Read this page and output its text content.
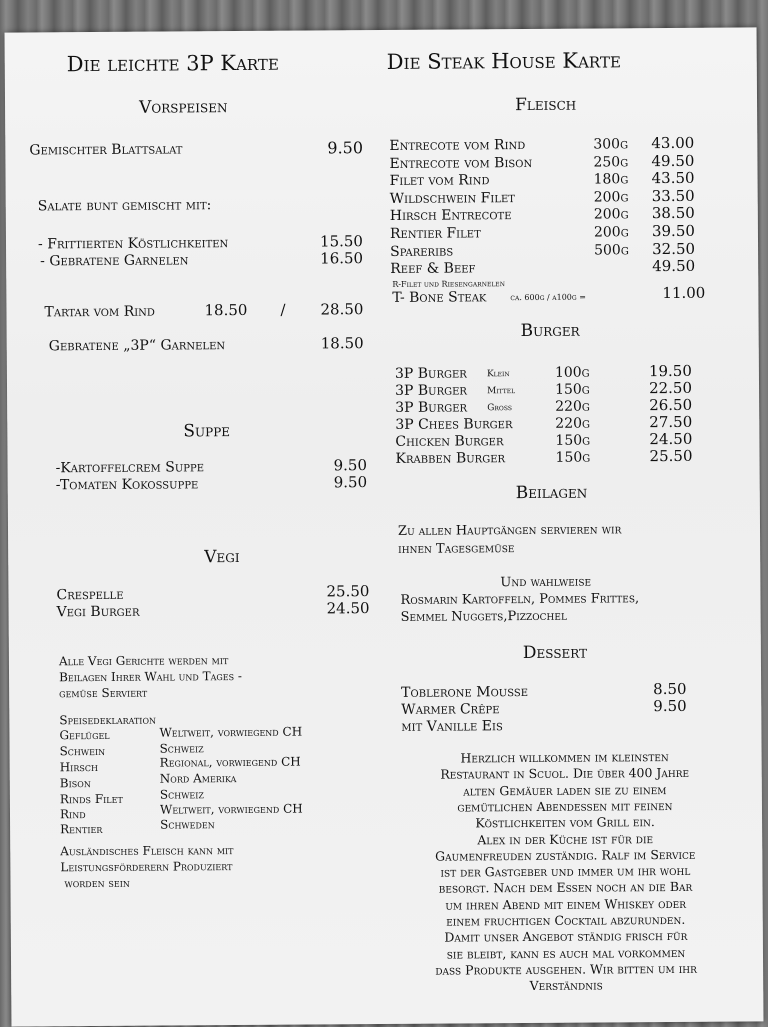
Die leichte 3P Karte
Vorspeisen
Gemischter Blattsalat	9.50
Salate bunt gemischt mit:
- Frittierten Köstlichkeiten	15.50
- Gebratene Garnelen	16.50
Tartar vom Rind	18.50 / 28.50
Gebratene „3P“ Garnelen	18.50
Suppe
-Kartoffelcrem Suppe	9.50
-Tomaten Kokossuppe	9.50
Vegi
Crespelle	25.50
Vegi Burger	24.50
Alle Vegi Gerichte werden mit
Beilagen Ihrer Wahl und Tages -
gemüse Serviert
Speisedeklaration
Geflügel	Weltweit, vorwiegend CH
Schwein	Schweiz
Hirsch	Regional, vorwiegend CH
Bison	Nord Amerika
Rinds Filet	Schweiz
Rind	Weltweit, vorwiegend CH
Rentier	Schweden
Ausländisches Fleisch kann mit
Leistungsförderern Produziert
worden sein
Die Steak House Karte
Fleisch
Entrecote vom Rind	300g 43.00
Entrecote vom Bison	250g 49.50
Filet vom Rind	180g 43.50
Wildschwein Filet	200g 33.50
Hirsch Entrecote	200g 38.50
Rentier Filet	200g 39.50
Spareribs	500g 32.50
Reef & Beef	49.50
R-Filet und Riesengarnelen
T- Bone Steak	ca. 600g / a100g =	11.00
Burger
3P Burger Klein	100g	19.50
3P Burger Mittel	150g	22.50
3P Burger Gross	220g	26.50
3P Chees Burger	220g	27.50
Chicken Burger	150g	24.50
Krabben Burger	150g	25.50
Beilagen
Zu allen Hauptgängen servieren wir
ihnen Tagesgemüse
Und wahlweise
Rosmarin Kartoffeln, Pommes Frittes,
Semmel Nuggets,Pizzochel
Dessert
Toblerone Mousse	8.50
Warmer Crêpe	9.50
mit Vanille Eis
Herzlich willkommen im kleinsten
Restaurant in Scuol. Die über 400 Jahre
alten Gemäuer laden sie zu einem
gemütlichen Abendessen mit feinen
Köstlichkeiten vom Grill ein.
Alex in der Küche ist für die
Gaumenfreuden zuständig. Ralf im Service
ist der Gastgeber und immer um ihr wohl
besorgt. Nach dem Essen noch an die Bar
um ihren Abend mit einem Whiskey oder
einem fruchtigen Cocktail abzurunden.
Damit unser Angebot ständig frisch für
sie bleibt, kann es auch mal vorkommen
dass Produkte ausgehen. Wir bitten um ihr
Verständnis
